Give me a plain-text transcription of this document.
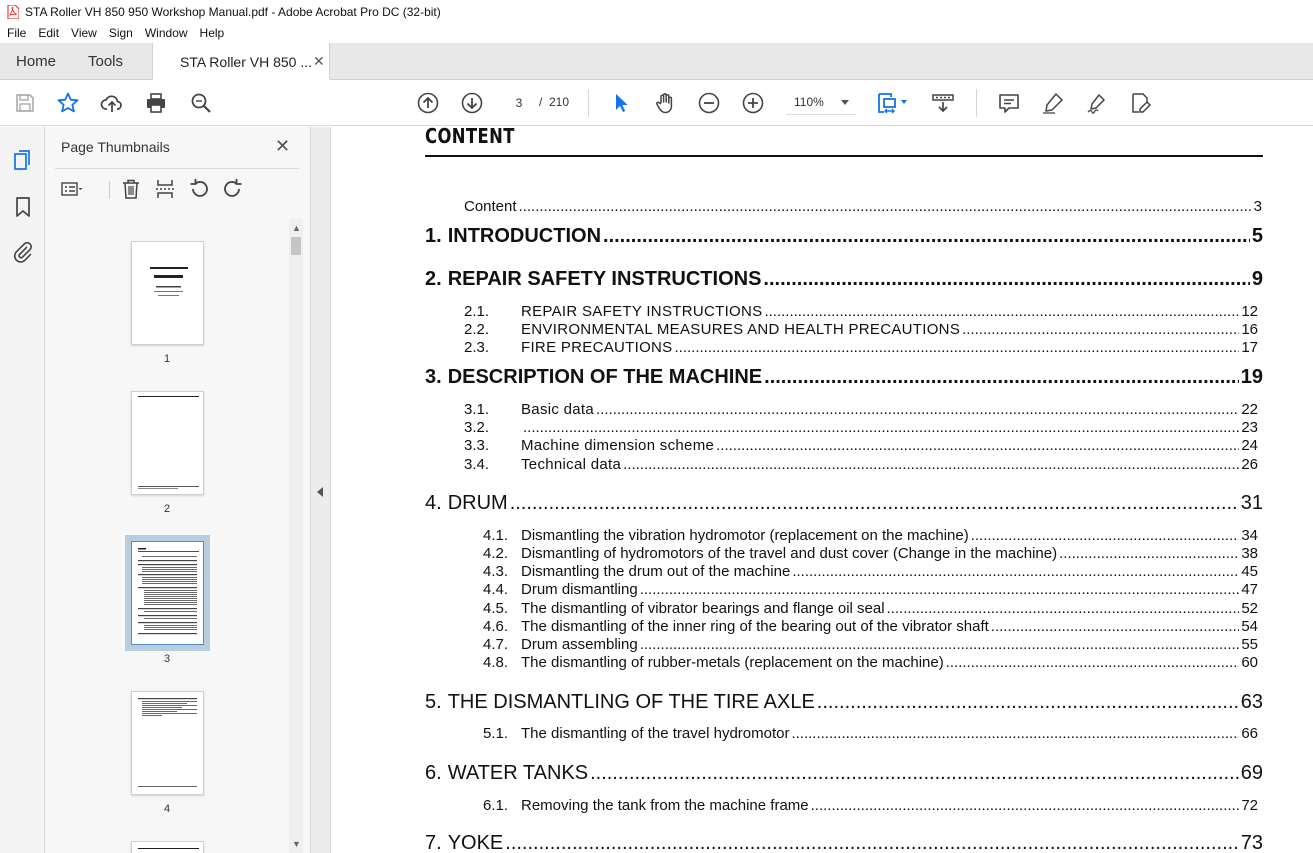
STA Roller VH 850 950 Workshop Manual.pdf - Adobe Acrobat Pro DC (32-bit)
File	Edit	View	Sign	Window	Help
Home Tools	STA Roller VH 850 ... ✕
3
/ 210	110%
Page Thumbnails	✕
▲
▼
1
2
3
4
CONTENT
Content .....	3
1. INTRODUCTION .....	5
2. REPAIR SAFETY INSTRUCTIONS .....	9
2.1.	REPAIR SAFETY INSTRUCTIONS .....	12
2.2.	ENVIRONMENTAL MEASURES AND HEALTH PRECAUTIONS .....	16
2.3.	FIRE PRECAUTIONS .....	17
3. DESCRIPTION OF THE MACHINE .....	19
3.1.	Basic data .....	22
3.2. .....	23
3.3.	Machine dimension scheme .....	24
3.4.	Technical data .....	26
4. DRUM .....	31
4.1. Dismantling the vibration hydromotor (replacement on the machine) .....	34
4.2. Dismantling of hydromotors of the travel and dust cover (Change in the machine) .....	38
4.3. Dismantling the drum out of the machine .....	45
4.4. Drum dismantling .....	47
4.5. The dismantling of vibrator bearings and flange oil seal .....	52
4.6. The dismantling of the inner ring of the bearing out of the vibrator shaft .....	54
4.7. Drum assembling .....	55
4.8. The dismantling of rubber-metals (replacement on the machine) .....	60
5. THE DISMANTLING OF THE TIRE AXLE .....	63
5.1. The dismantling of the travel hydromotor .....	66
6. WATER TANKS .....	69
6.1. Removing the tank from the machine frame .....	72
7. YOKE .....	73
